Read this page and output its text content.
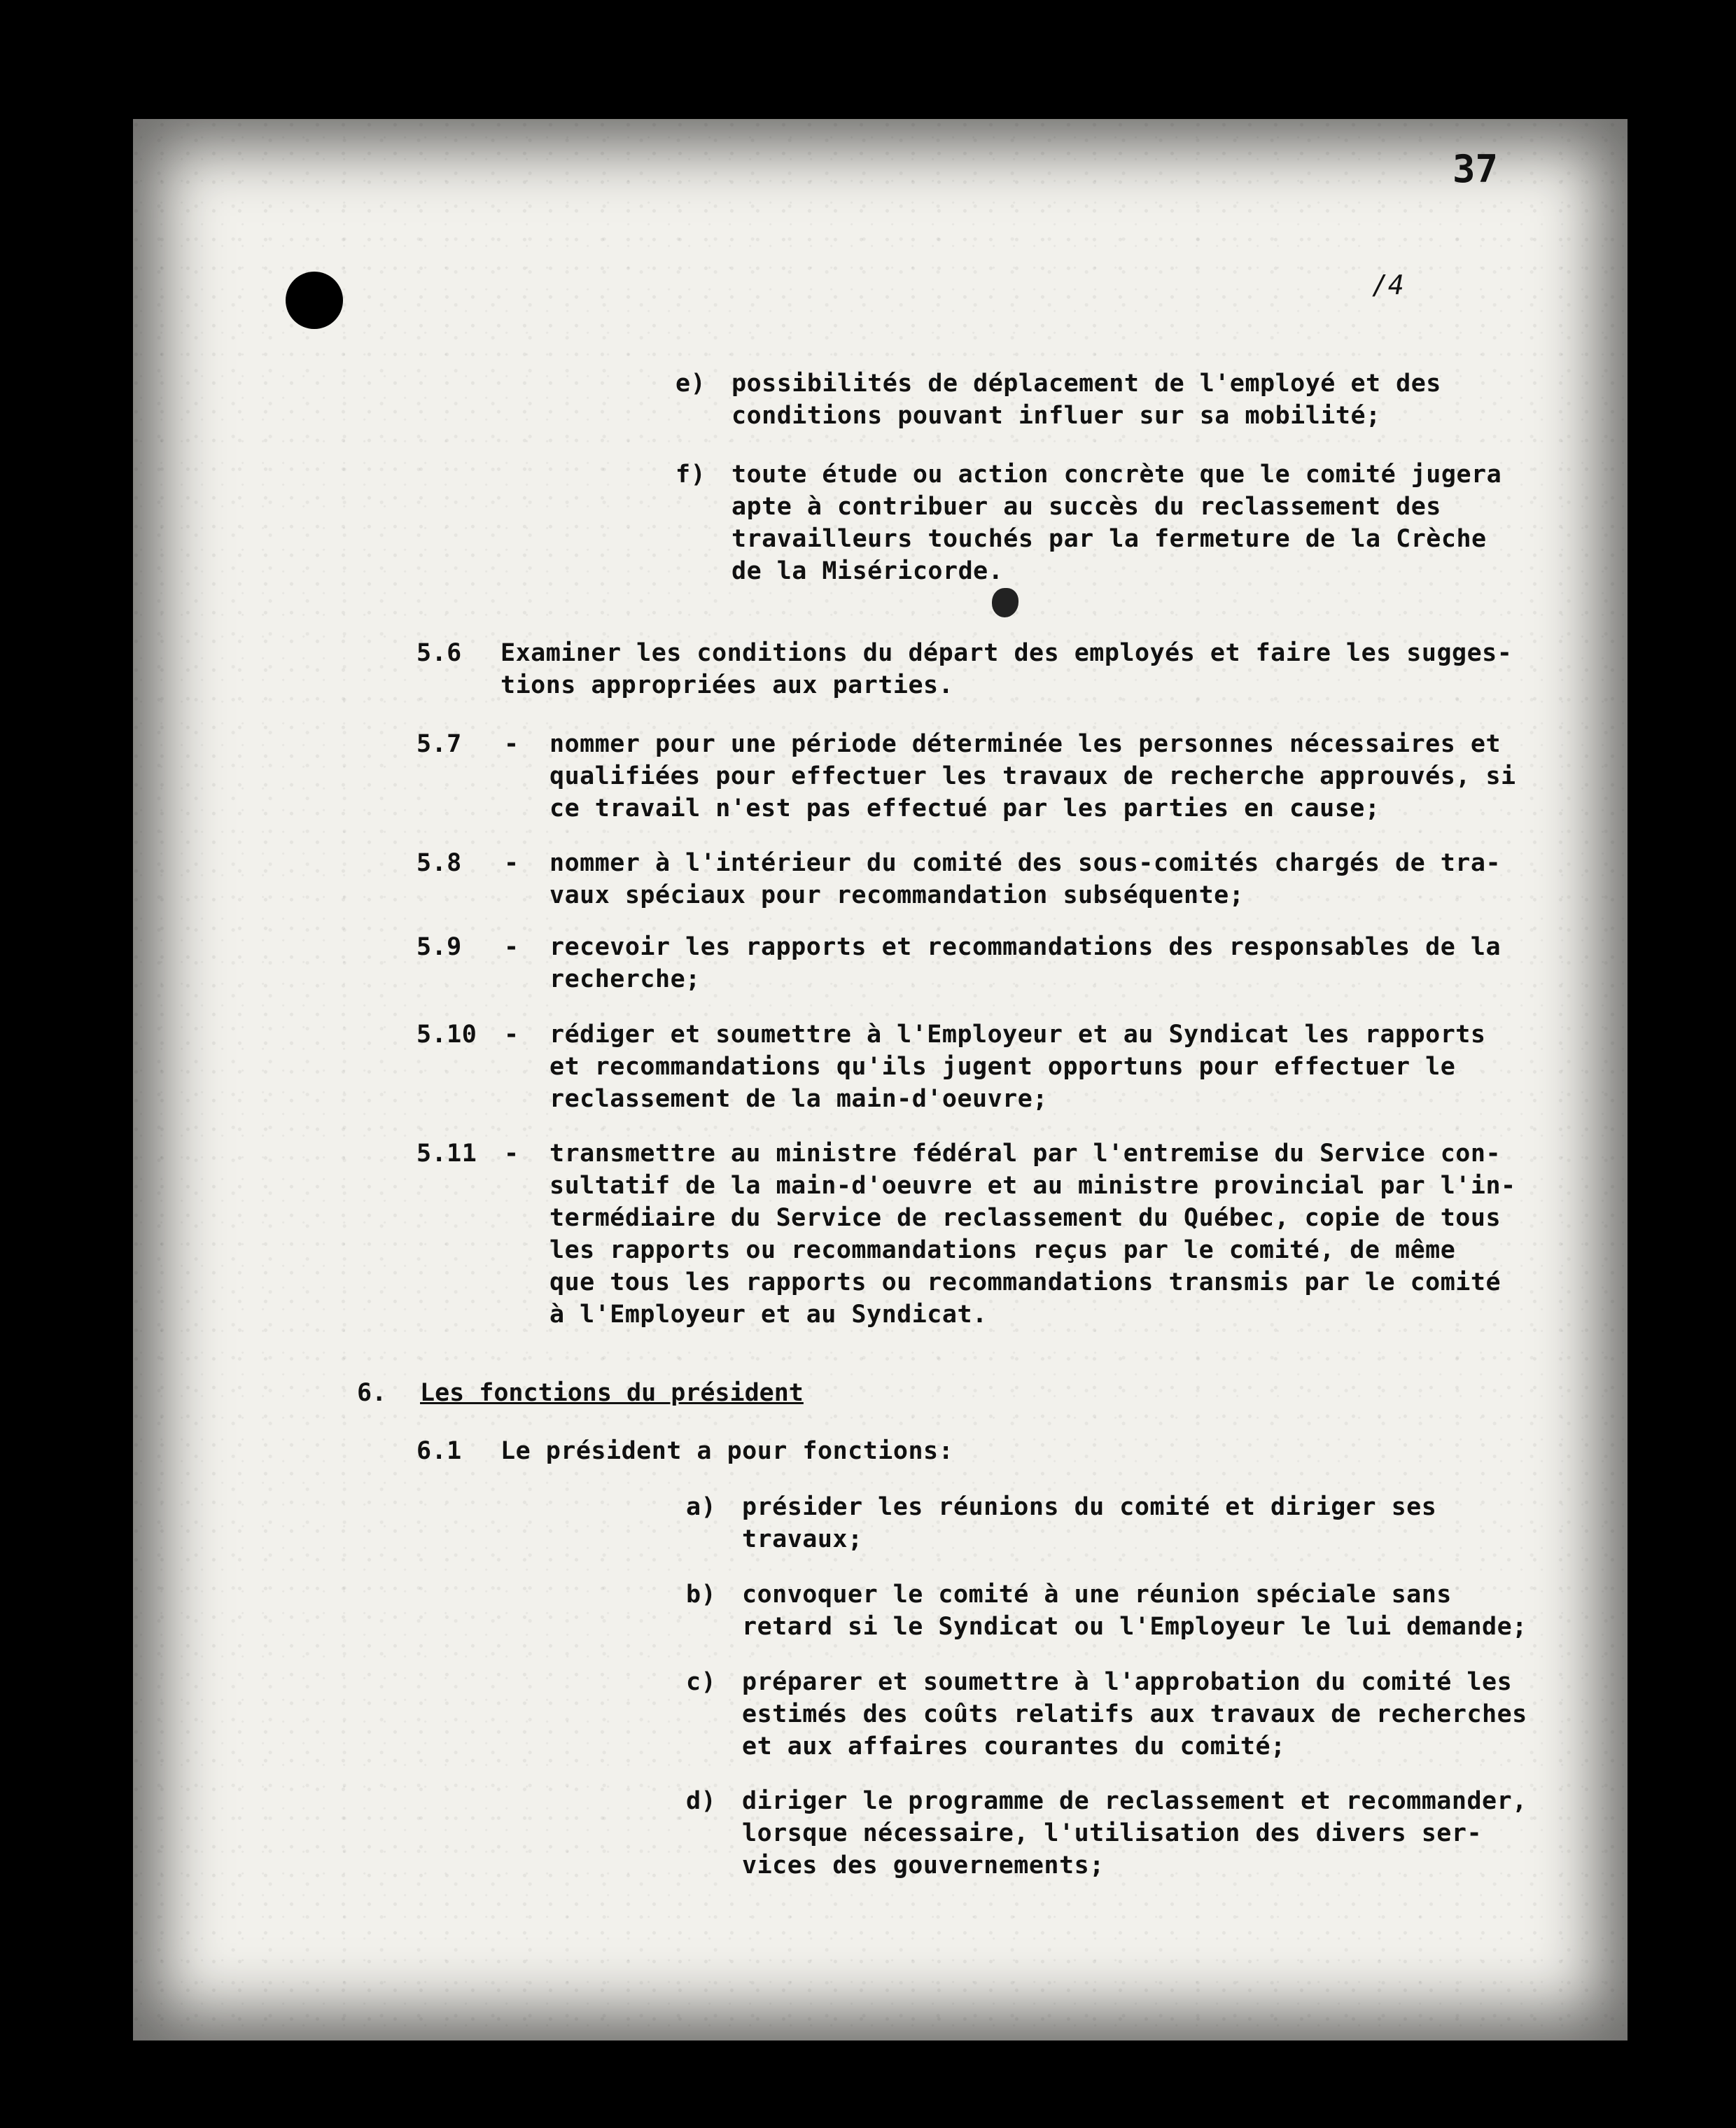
37
/4
e) possibilités de déplacement de l'employé et des
conditions pouvant influer sur sa mobilité;
f) toute étude ou action concrète que le comité jugera
apte à contribuer au succès du reclassement des
travailleurs touchés par la fermeture de la Crèche
de la Miséricorde.
5.6 Examiner les conditions du départ des employés et faire les sugges-
tions appropriées aux parties.
5.7 - nommer pour une période déterminée les personnes nécessaires et
qualifiées pour effectuer les travaux de recherche approuvés, si
ce travail n'est pas effectué par les parties en cause;
5.8 - nommer à l'intérieur du comité des sous-comités chargés de tra-
vaux spéciaux pour recommandation subséquente;
5.9 - recevoir les rapports et recommandations des responsables de la
recherche;
5.10 - rédiger et soumettre à l'Employeur et au Syndicat les rapports
et recommandations qu'ils jugent opportuns pour effectuer le
reclassement de la main-d'oeuvre;
5.11 - transmettre au ministre fédéral par l'entremise du Service con-
sultatif de la main-d'oeuvre et au ministre provincial par l'in-
termédiaire du Service de reclassement du Québec, copie de tous
les rapports ou recommandations reçus par le comité, de même
que tous les rapports ou recommandations transmis par le comité
à l'Employeur et au Syndicat.
6. Les fonctions du président
6.1 Le président a pour fonctions:
a) présider les réunions du comité et diriger ses
travaux;
b) convoquer le comité à une réunion spéciale sans
retard si le Syndicat ou l'Employeur le lui demande;
c) préparer et soumettre à l'approbation du comité les
estimés des coûts relatifs aux travaux de recherches
et aux affaires courantes du comité;
d) diriger le programme de reclassement et recommander,
lorsque nécessaire, l'utilisation des divers ser-
vices des gouvernements;
